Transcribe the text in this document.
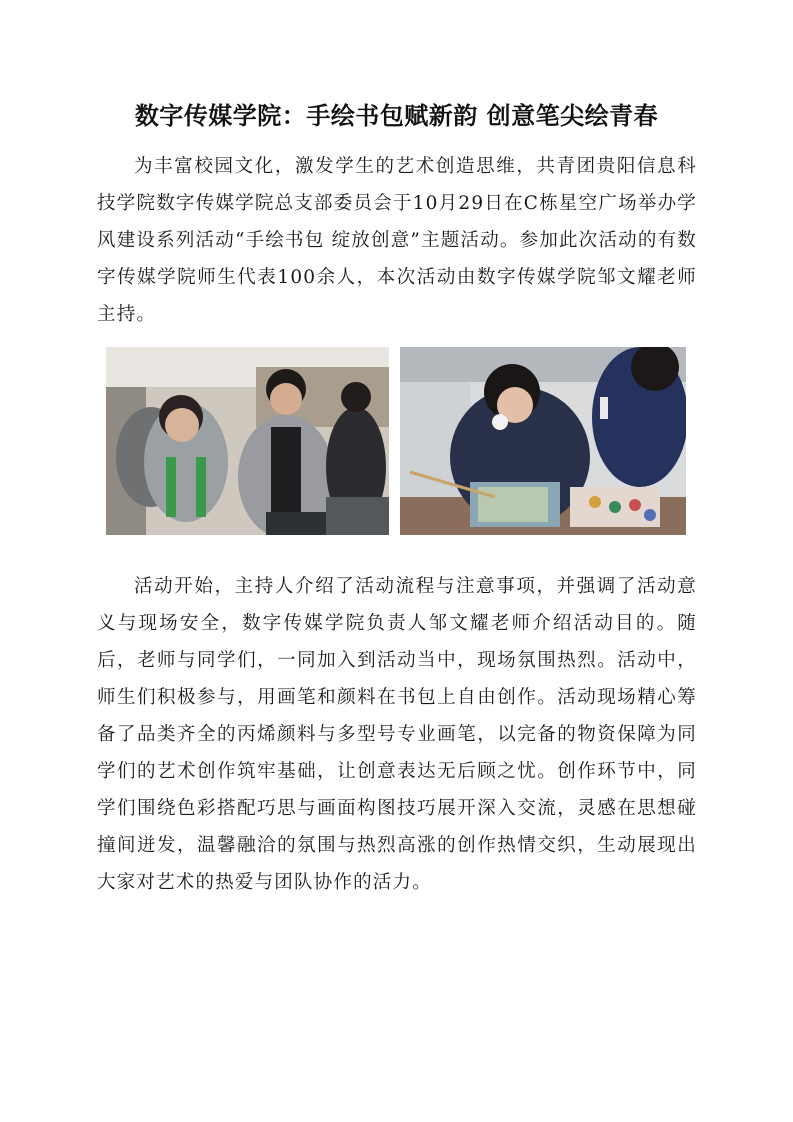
数字传媒学院：手绘书包赋新韵 创意笔尖绘青春
为丰富校园文化，激发学生的艺术创造思维，共青团贵阳信息科技学院数字传媒学院总支部委员会于10月29日在C栋星空广场举办学风建设系列活动“手绘书包 绽放创意”主题活动。参加此次活动的有数字传媒学院师生代表100余人，本次活动由数字传媒学院邹文耀老师主持。
活动开始，主持人介绍了活动流程与注意事项，并强调了活动意义与现场安全，数字传媒学院负责人邹文耀老师介绍活动目的。随后，老师与同学们，一同加入到活动当中，现场氛围热烈。活动中，师生们积极参与，用画笔和颜料在书包上自由创作。活动现场精心筹备了品类齐全的丙烯颜料与多型号专业画笔，以完备的物资保障为同学们的艺术创作筑牢基础，让创意表达无后顾之忧。创作环节中，同学们围绕色彩搭配巧思与画面构图技巧展开深入交流，灵感在思想碰撞间迸发，温馨融洽的氛围与热烈高涨的创作热情交织，生动展现出大家对艺术的热爱与团队协作的活力。
